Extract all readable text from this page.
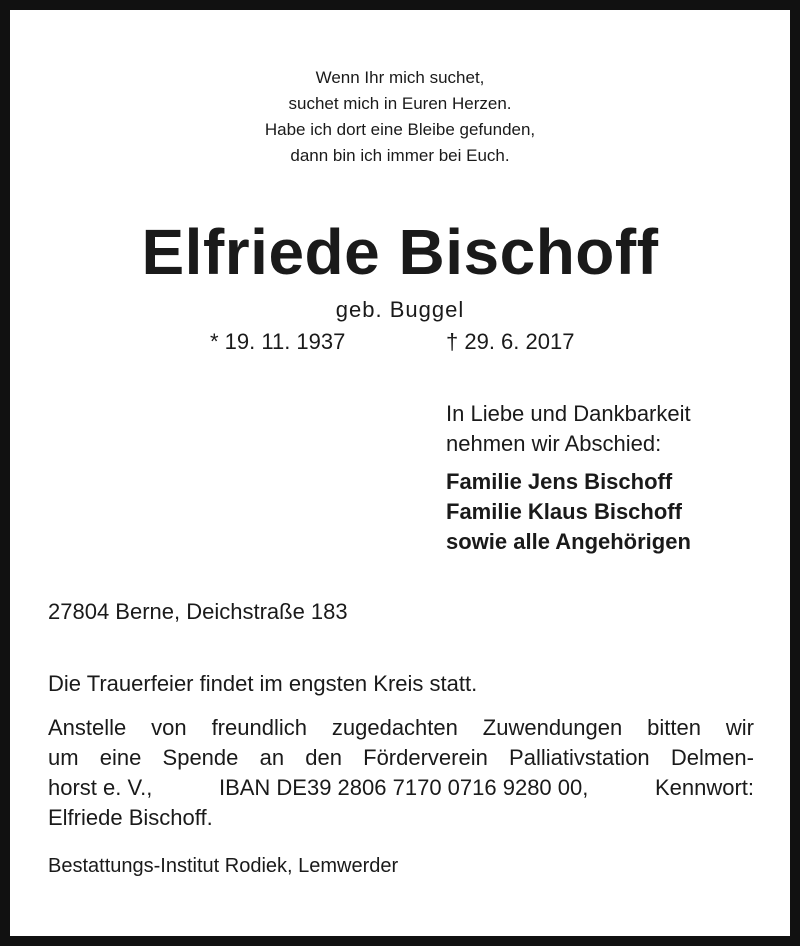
Wenn Ihr mich suchet,
suchet mich in Euren Herzen.
Habe ich dort eine Bleibe gefunden,
dann bin ich immer bei Euch.
Elfriede Bischoff
geb. Buggel
* 19. 11. 1937	† 29. 6. 2017
In Liebe und Dankbarkeit
nehmen wir Abschied:
Familie Jens Bischoff
Familie Klaus Bischoff
sowie alle Angehörigen
27804 Berne, Deichstraße 183
Die Trauerfeier findet im engsten Kreis statt.
Anstelle von freundlich zugedachten Zuwendungen bitten wir
um eine Spende an den Förderverein Palliativstation Delmen-
horst e. V.,	IBAN DE39 2806 7170 0716 9280 00,	Kennwort:
Elfriede Bischoff.
Bestattungs-Institut Rodiek, Lemwerder
